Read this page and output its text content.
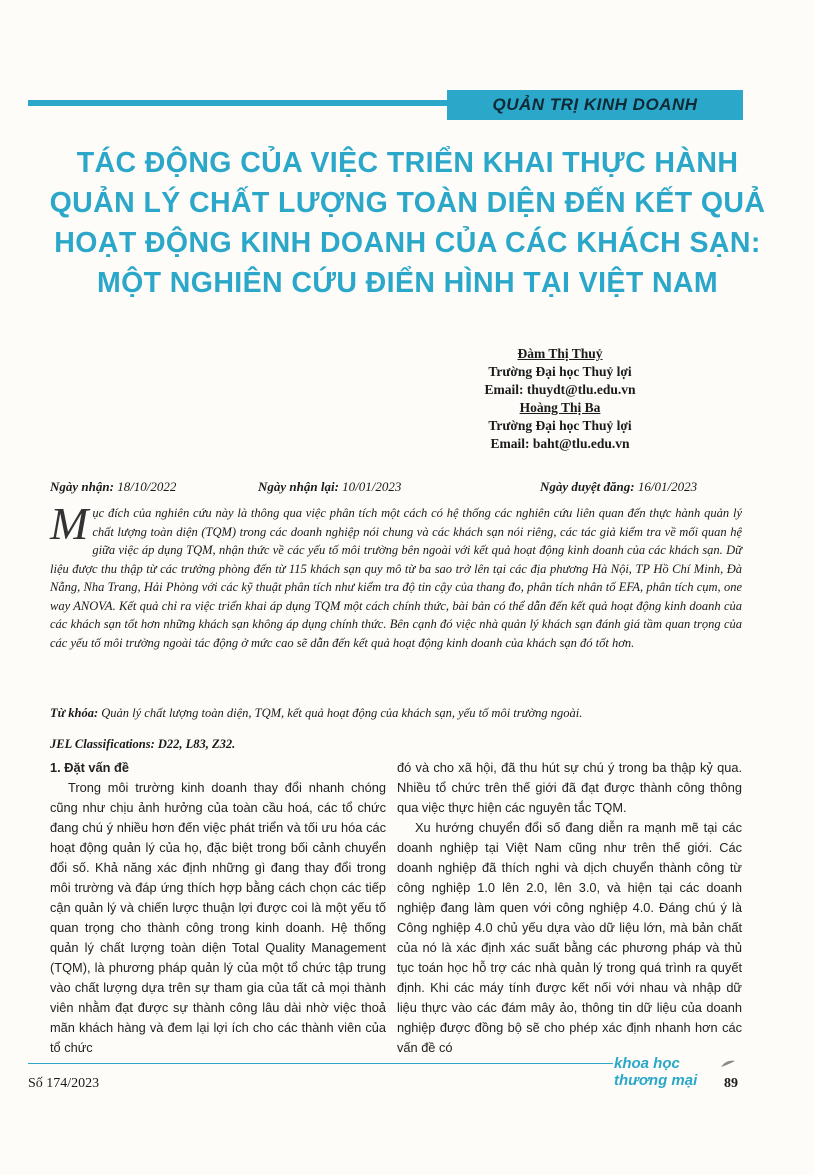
QUẢN TRỊ KINH DOANH
TÁC ĐỘNG CỦA VIỆC TRIỂN KHAI THỰC HÀNH
QUẢN LÝ CHẤT LƯỢNG TOÀN DIỆN ĐẾN KẾT QUẢ
HOẠT ĐỘNG KINH DOANH CỦA CÁC KHÁCH SẠN:
MỘT NGHIÊN CỨU ĐIỂN HÌNH TẠI VIỆT NAM
Đàm Thị Thuỷ
Trường Đại học Thuỷ lợi
Email: thuydt@tlu.edu.vn
Hoàng Thị Ba
Trường Đại học Thuỷ lợi
Email: baht@tlu.edu.vn
Ngày nhận: 18/10/2022	Ngày nhận lại: 10/01/2023	Ngày duyệt đăng: 16/01/2023
Mục đích của nghiên cứu này là thông qua việc phân tích một cách có hệ thống các nghiên cứu liên quan đến thực hành quản lý chất lượng toàn diện (TQM) trong các doanh nghiệp nói chung và các khách sạn nói riêng, các tác giả kiểm tra về mối quan hệ giữa việc áp dụng TQM, nhận thức về các yếu tố môi trường bên ngoài với kết quả hoạt động kinh doanh của các khách sạn. Dữ liệu được thu thập từ các trưởng phòng đến từ 115 khách sạn quy mô từ ba sao trở lên tại các địa phương Hà Nội, TP Hồ Chí Minh, Đà Nẵng, Nha Trang, Hải Phòng với các kỹ thuật phân tích như kiểm tra độ tin cậy của thang đo, phân tích nhân tố EFA, phân tích cụm, one way ANOVA. Kết quả chỉ ra việc triển khai áp dụng TQM một cách chính thức, bài bản có thể dẫn đến kết quả hoạt động kinh doanh của các khách sạn tốt hơn những khách sạn không áp dụng chính thức. Bên cạnh đó việc nhà quản lý khách sạn đánh giá tầm quan trọng của các yếu tố môi trường ngoài tác động ở mức cao sẽ dẫn đến kết quả hoạt động kinh doanh của khách sạn đó tốt hơn.
Từ khóa: Quản lý chất lượng toàn diện, TQM, kết quả hoạt động của khách sạn, yếu tố môi trường ngoài.
JEL Classifications: D22, L83, Z32.
1. Đặt vấn đề

Trong môi trường kinh doanh thay đổi nhanh chóng cũng như chịu ảnh hưởng của toàn cầu hoá, các tổ chức đang chú ý nhiều hơn đến việc phát triển và tối ưu hóa các hoạt động quản lý của họ, đặc biệt trong bối cảnh chuyển đổi số. Khả năng xác định những gì đang thay đổi trong môi trường và đáp ứng thích hợp bằng cách chọn các tiếp cận quản lý và chiến lược thuận lợi được coi là một yếu tố quan trọng cho thành công trong kinh doanh. Hệ thống quản lý chất lượng toàn diện Total Quality Management (TQM), là phương pháp quản lý của một tổ chức tập trung vào chất lượng dựa trên sự tham gia của tất cả mọi thành viên nhằm đạt được sự thành công lâu dài nhờ việc thoả mãn khách hàng và đem lại lợi ích cho các thành viên của tổ chức

đó và cho xã hội, đã thu hút sự chú ý trong ba thập kỷ qua. Nhiều tổ chức trên thế giới đã đạt được thành công thông qua việc thực hiện các nguyên tắc TQM.

Xu hướng chuyển đổi số đang diễn ra mạnh mẽ tại các doanh nghiệp tại Việt Nam cũng như trên thế giới. Các doanh nghiệp đã thích nghi và dịch chuyển thành công từ công nghiệp 1.0 lên 2.0, lên 3.0, và hiện tại các doanh nghiệp đang làm quen với công nghiệp 4.0. Đáng chú ý là Công nghiệp 4.0 chủ yếu dựa vào dữ liệu lớn, mà bản chất của nó là xác định xác suất bằng các phương pháp và thủ tục toán học hỗ trợ các nhà quản lý trong quá trình ra quyết định. Khi các máy tính được kết nối với nhau và nhập dữ liệu thực vào các đám mây ảo, thông tin dữ liệu của doanh nghiệp được đồng bộ sẽ cho phép xác định nhanh hơn các vấn đề có

Số 174/2023
khoa học
thương mại	89
